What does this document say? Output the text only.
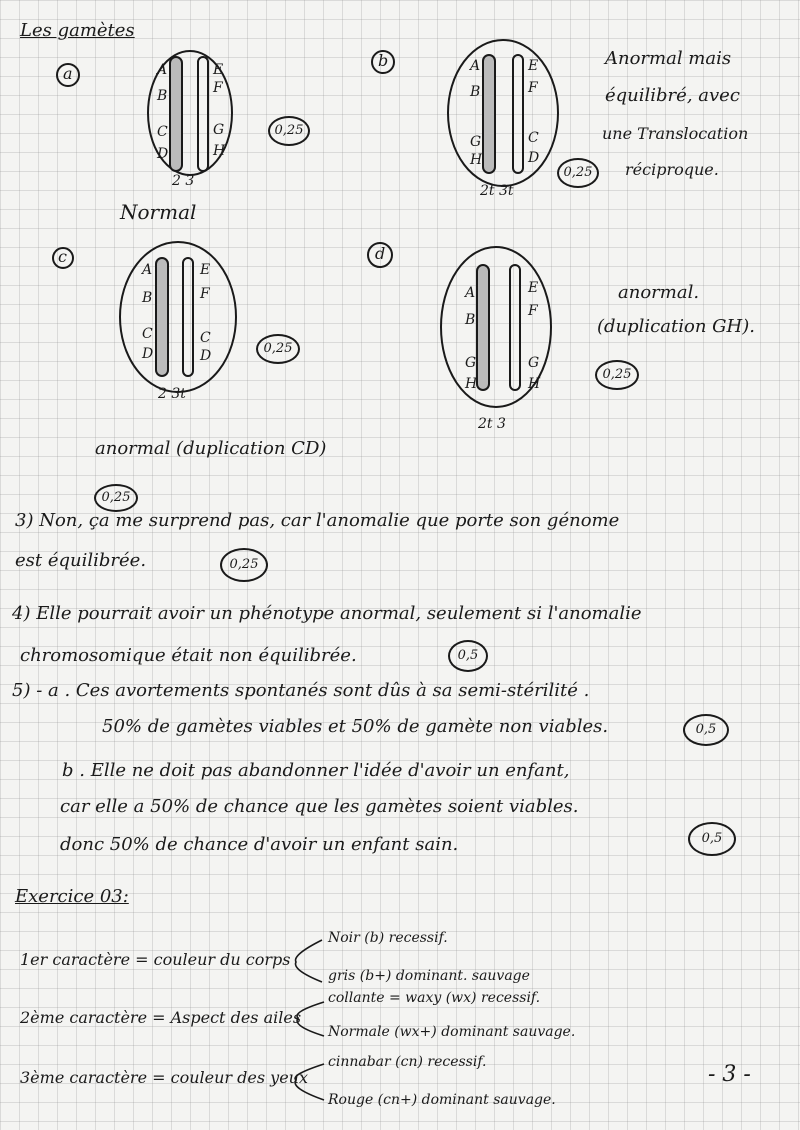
Les gamètes
a
b
c	d
A
B
C
D
E
F
G
H
2 3
A
B
G
H
E
F
C
D
2t 3t
A
B
C
D
E
F
C
D
2 3t
A
B
G
H
E
F
G
H
2t 3
Normal
Anormal mais
équilibré, avec
une Translocation
réciproque.
anormal (duplication CD)
anormal.
(duplication GH).
0,25
0,25
0,25
0,25
0,25
3) Non, ça me surprend pas, car l'anomalie que porte son génome
est équilibrée.	0,25
4) Elle pourrait avoir un phénotype anormal, seulement si l'anomalie
chromosomique était non équilibrée.	0,5
5) - a . Ces avortements spontanés sont dûs à sa semi-stérilité .
50% de gamètes viables et 50% de gamète non viables.	0,5
b . Elle ne doit pas abandonner l'idée d'avoir un enfant,
car elle a 50% de chance que les gamètes soient viables.
donc 50% de chance d'avoir un enfant sain.	0,5
Exercice 03:
1er caractère = couleur du corps
Noir (b) recessif.
gris (b+) dominant. sauvage
2ème caractère = Aspect des ailes
collante = waxy (wx) recessif.
Normale (wx+) dominant sauvage.
3ème caractère = couleur des yeux
cinnabar (cn) recessif.
Rouge (cn+) dominant sauvage.
- 3 -
